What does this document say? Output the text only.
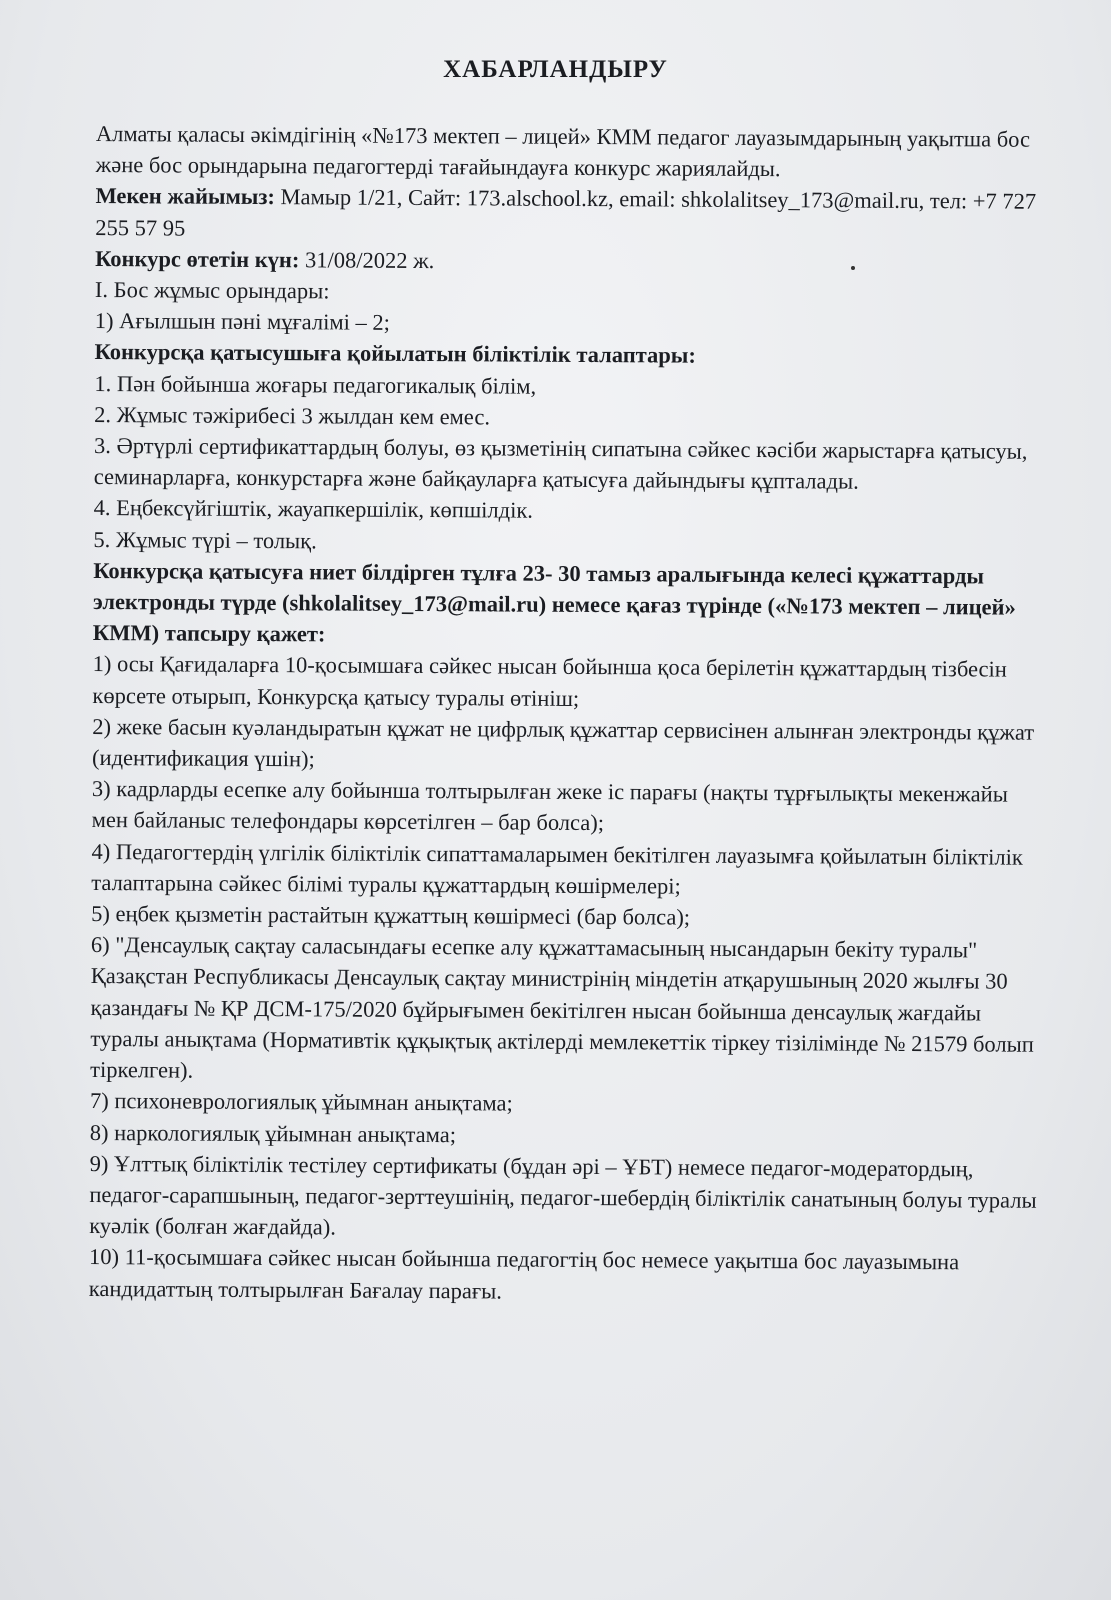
ХАБАРЛАНДЫРУ

Алматы қаласы әкімдігінің «№173 мектеп – лицей» КММ педагог лауазымдарының уақытша бос және бос орындарына педагогтерді тағайындауға конкурс жариялайды.

Мекен жайымыз: Мамыр 1/21, Сайт: 173.alschool.kz, email: shkolalitsey_173@mail.ru, тел: +7 727 255 57 95

Конкурс өтетін күн: 31/08/2022 ж.

I. Бос жұмыс орындары:

1) Ағылшын пәні мұғалімі – 2;

Конкурсқа қатысушыға қойылатын біліктілік талаптары:

1. Пән бойынша жоғары педагогикалық білім,

2. Жұмыс тәжірибесі 3 жылдан кем емес.

3. Әртүрлі сертификаттардың болуы, өз қызметінің сипатына сәйкес кәсіби жарыстарға қатысуы, семинарларға, конкурстарға және байқауларға қатысуға дайындығы құпталады.

4. Еңбексүйгіштік, жауапкершілік, көпшілдік.

5. Жұмыс түрі – толық.

Конкурсқа қатысуға ниет білдірген тұлға 23- 30 тамыз аралығында келесі құжаттарды электронды түрде (shkolalitsey_173@mail.ru) немесе қағаз түрінде («№173 мектеп – лицей» КММ) тапсыру қажет:

1) осы Қағидаларға 10-қосымшаға сәйкес нысан бойынша қоса берілетін құжаттардың тізбесін көрсете отырып, Конкурсқа қатысу туралы өтініш;

2) жеке басын куәландыратын құжат не цифрлық құжаттар сервисінен алынған электронды құжат (идентификация үшін);

3) кадрларды есепке алу бойынша толтырылған жеке іс парағы (нақты тұрғылықты мекенжайы мен байланыс телефондары көрсетілген – бар болса);

4) Педагогтердің үлгілік біліктілік сипаттамаларымен бекітілген лауазымға қойылатын біліктілік талаптарына сәйкес білімі туралы құжаттардың көшірмелері;

5) еңбек қызметін растайтын құжаттың көшірмесі (бар болса);

6) "Денсаулық сақтау саласындағы есепке алу құжаттамасының нысандарын бекіту туралы" Қазақстан Республикасы Денсаулық сақтау министрінің міндетін атқарушының 2020 жылғы 30 қазандағы № ҚР ДСМ-175/2020 бұйрығымен бекітілген нысан бойынша денсаулық жағдайы туралы анықтама (Нормативтік құқықтық актілерді мемлекеттік тіркеу тізілімінде № 21579 болып тіркелген).

7) психоневрологиялық ұйымнан анықтама;

8) наркологиялық ұйымнан анықтама;

9) Ұлттық біліктілік тестілеу сертификаты (бұдан әрі – ҰБТ) немесе педагог-модератордың, педагог-сарапшының, педагог-зерттеушінің, педагог-шебердің біліктілік санатының болуы туралы куәлік (болған жағдайда).

10) 11-қосымшаға сәйкес нысан бойынша педагогтің бос немесе уақытша бос лауазымына кандидаттың толтырылған Бағалау парағы.
